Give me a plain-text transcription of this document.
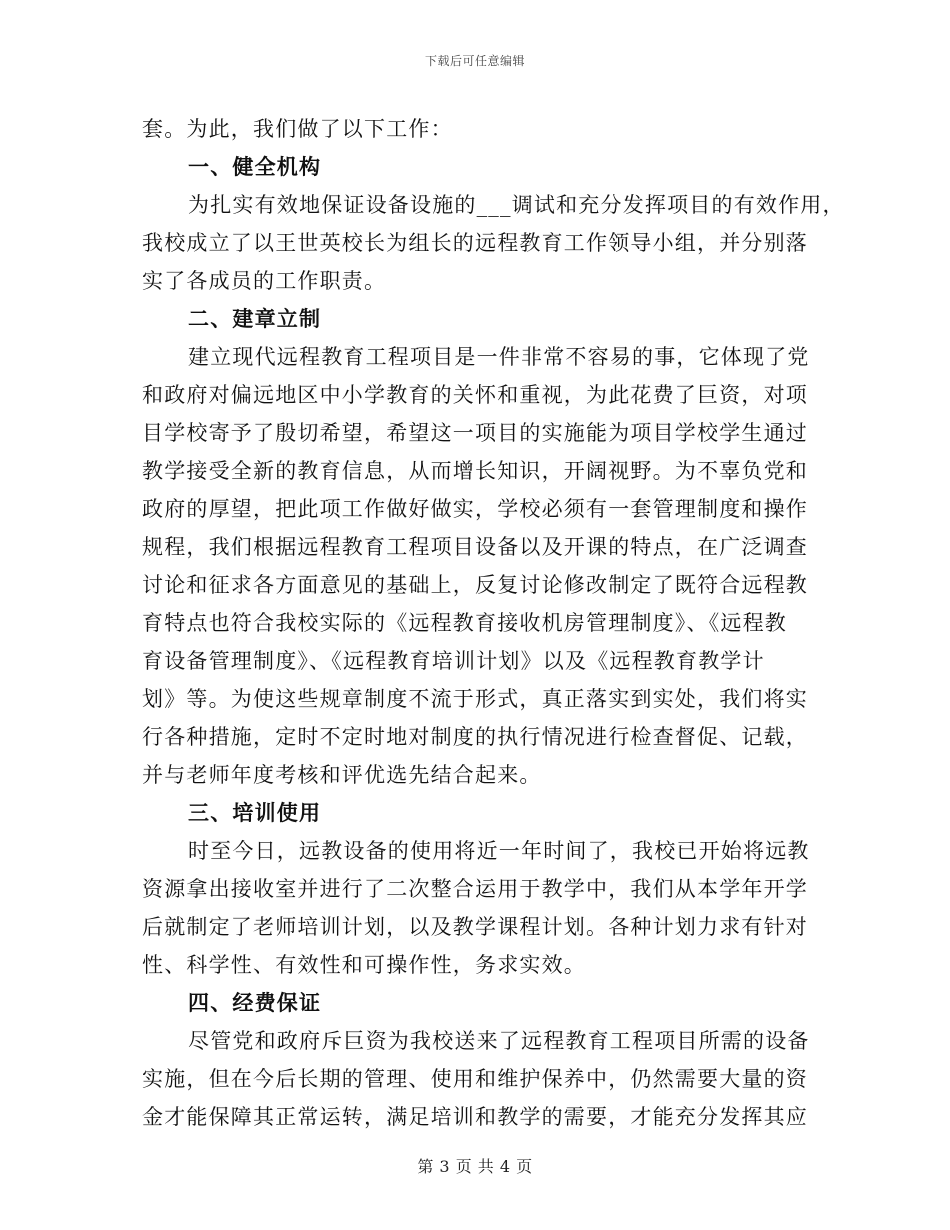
下载后可任意编辑
套。为此，我们做了以下工作：
一、健全机构
为扎实有效地保证设备设施的___调试和充分发挥项目的有效作用，
我校成立了以王世英校长为组长的远程教育工作领导小组，并分别落
实了各成员的工作职责。
二、建章立制
建立现代远程教育工程项目是一件非常不容易的事，它体现了党
和政府对偏远地区中小学教育的关怀和重视，为此花费了巨资，对项
目学校寄予了殷切希望，希望这一项目的实施能为项目学校学生通过
教学接受全新的教育信息，从而增长知识，开阔视野。为不辜负党和
政府的厚望，把此项工作做好做实，学校必须有一套管理制度和操作
规程，我们根据远程教育工程项目设备以及开课的特点，在广泛调查
讨论和征求各方面意见的基础上，反复讨论修改制定了既符合远程教
育特点也符合我校实际的《远程教育接收机房管理制度》、《远程教
育设备管理制度》、《远程教育培训计划》以及《远程教育教学计
划》等。为使这些规章制度不流于形式，真正落实到实处，我们将实
行各种措施，定时不定时地对制度的执行情况进行检查督促、记载，
并与老师年度考核和评优选先结合起来。
三、培训使用
时至今日，远教设备的使用将近一年时间了，我校已开始将远教
资源拿出接收室并进行了二次整合运用于教学中，我们从本学年开学
后就制定了老师培训计划，以及教学课程计划。各种计划力求有针对
性、科学性、有效性和可操作性，务求实效。
四、经费保证
尽管党和政府斥巨资为我校送来了远程教育工程项目所需的设备
实施，但在今后长期的管理、使用和维护保养中，仍然需要大量的资
金才能保障其正常运转，满足培训和教学的需要，才能充分发挥其应
第 3 页 共 4 页
